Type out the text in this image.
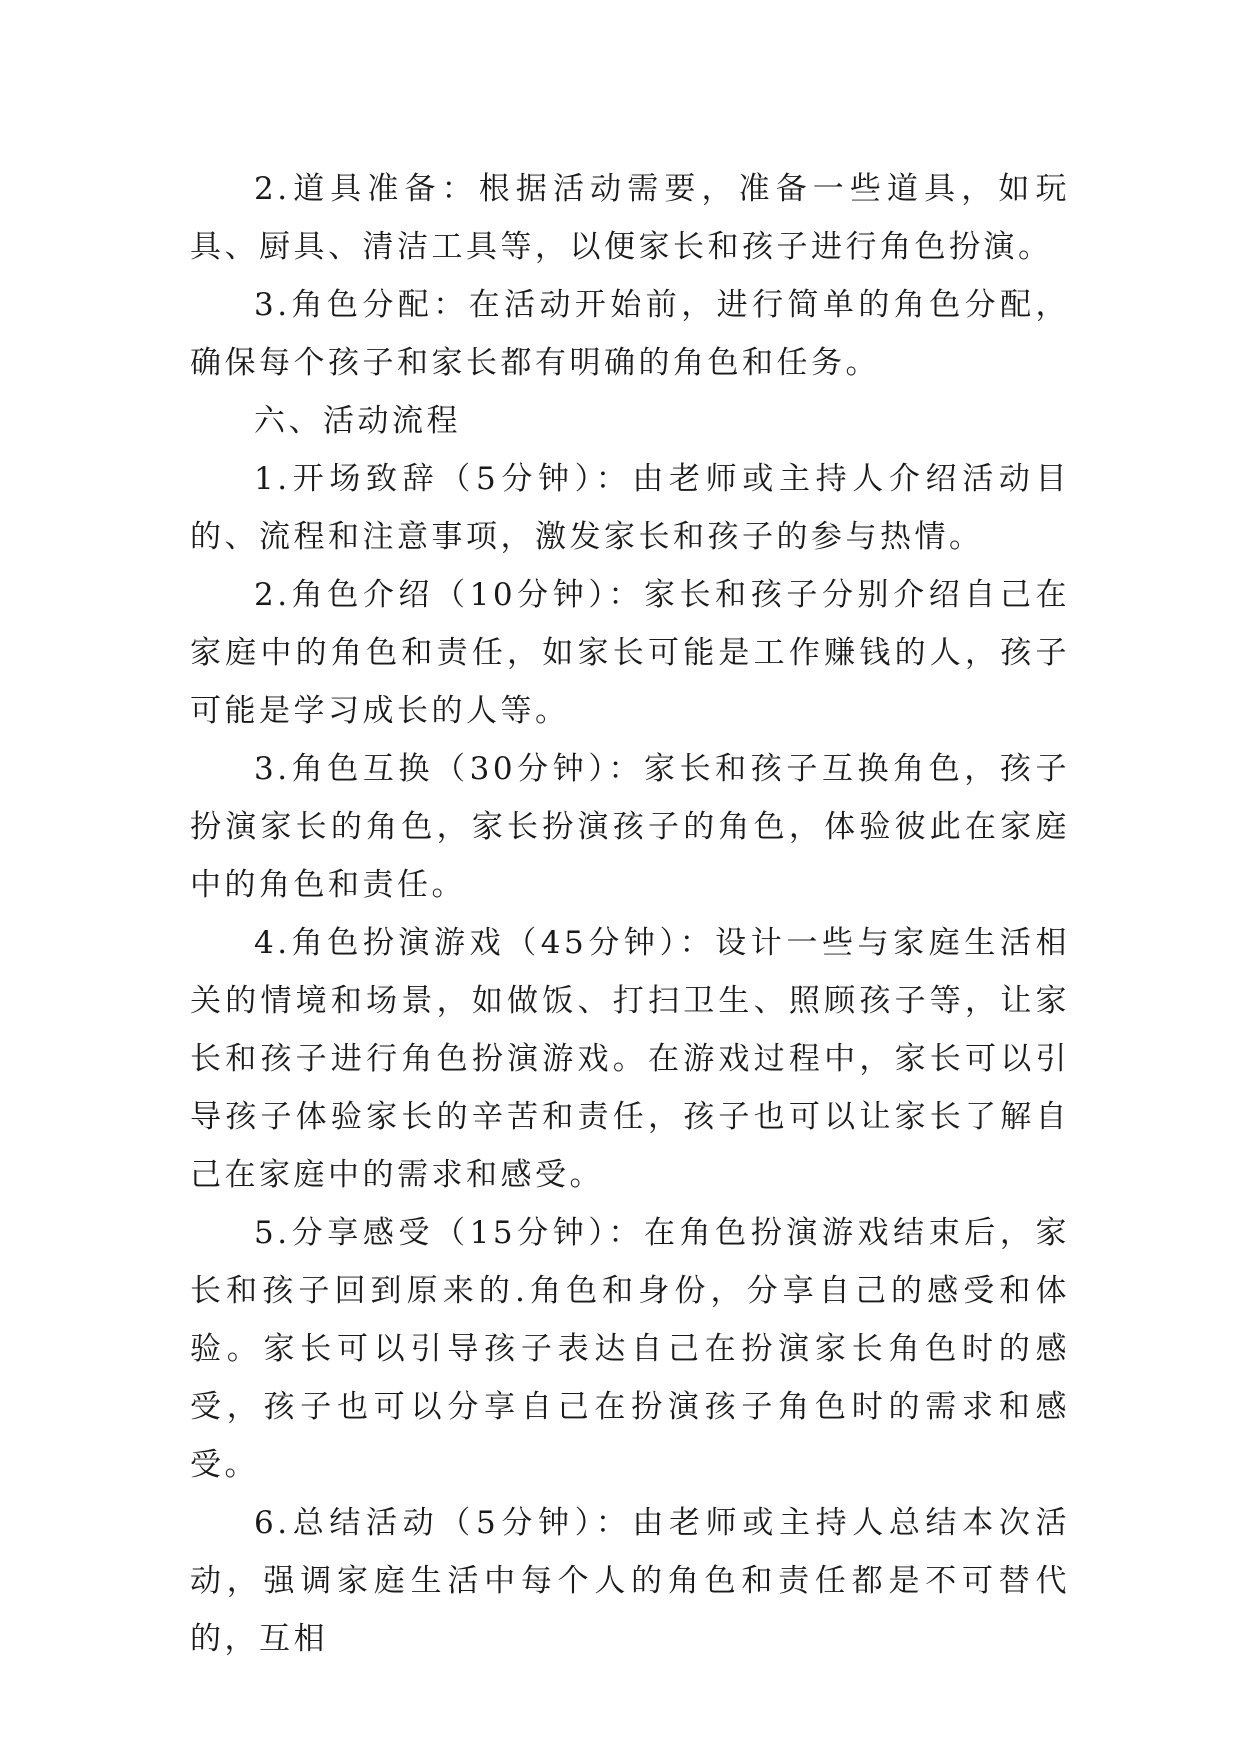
2.道具准备：根据活动需要，准备一些道具，如玩具、厨具、清洁工具等，以便家长和孩子进行角色扮演。

3.角色分配：在活动开始前，进行简单的角色分配，确保每个孩子和家长都有明确的角色和任务。

六、活动流程

1.开场致辞（5分钟）：由老师或主持人介绍活动目的、流程和注意事项，激发家长和孩子的参与热情。

2.角色介绍（10分钟）：家长和孩子分别介绍自己在家庭中的角色和责任，如家长可能是工作赚钱的人，孩子可能是学习成长的人等。

3.角色互换（30分钟）：家长和孩子互换角色，孩子扮演家长的角色，家长扮演孩子的角色，体验彼此在家庭中的角色和责任。

4.角色扮演游戏（45分钟）：设计一些与家庭生活相关的情境和场景，如做饭、打扫卫生、照顾孩子等，让家长和孩子进行角色扮演游戏。在游戏过程中，家长可以引导孩子体验家长的辛苦和责任，孩子也可以让家长了解自己在家庭中的需求和感受。

5.分享感受（15分钟）：在角色扮演游戏结束后，家长和孩子回到原来的.角色和身份，分享自己的感受和体验。家长可以引导孩子表达自己在扮演家长角色时的感受，孩子也可以分享自己在扮演孩子角色时的需求和感受。

6.总结活动（5分钟）：由老师或主持人总结本次活动，强调家庭生活中每个人的角色和责任都是不可替代的，互相
